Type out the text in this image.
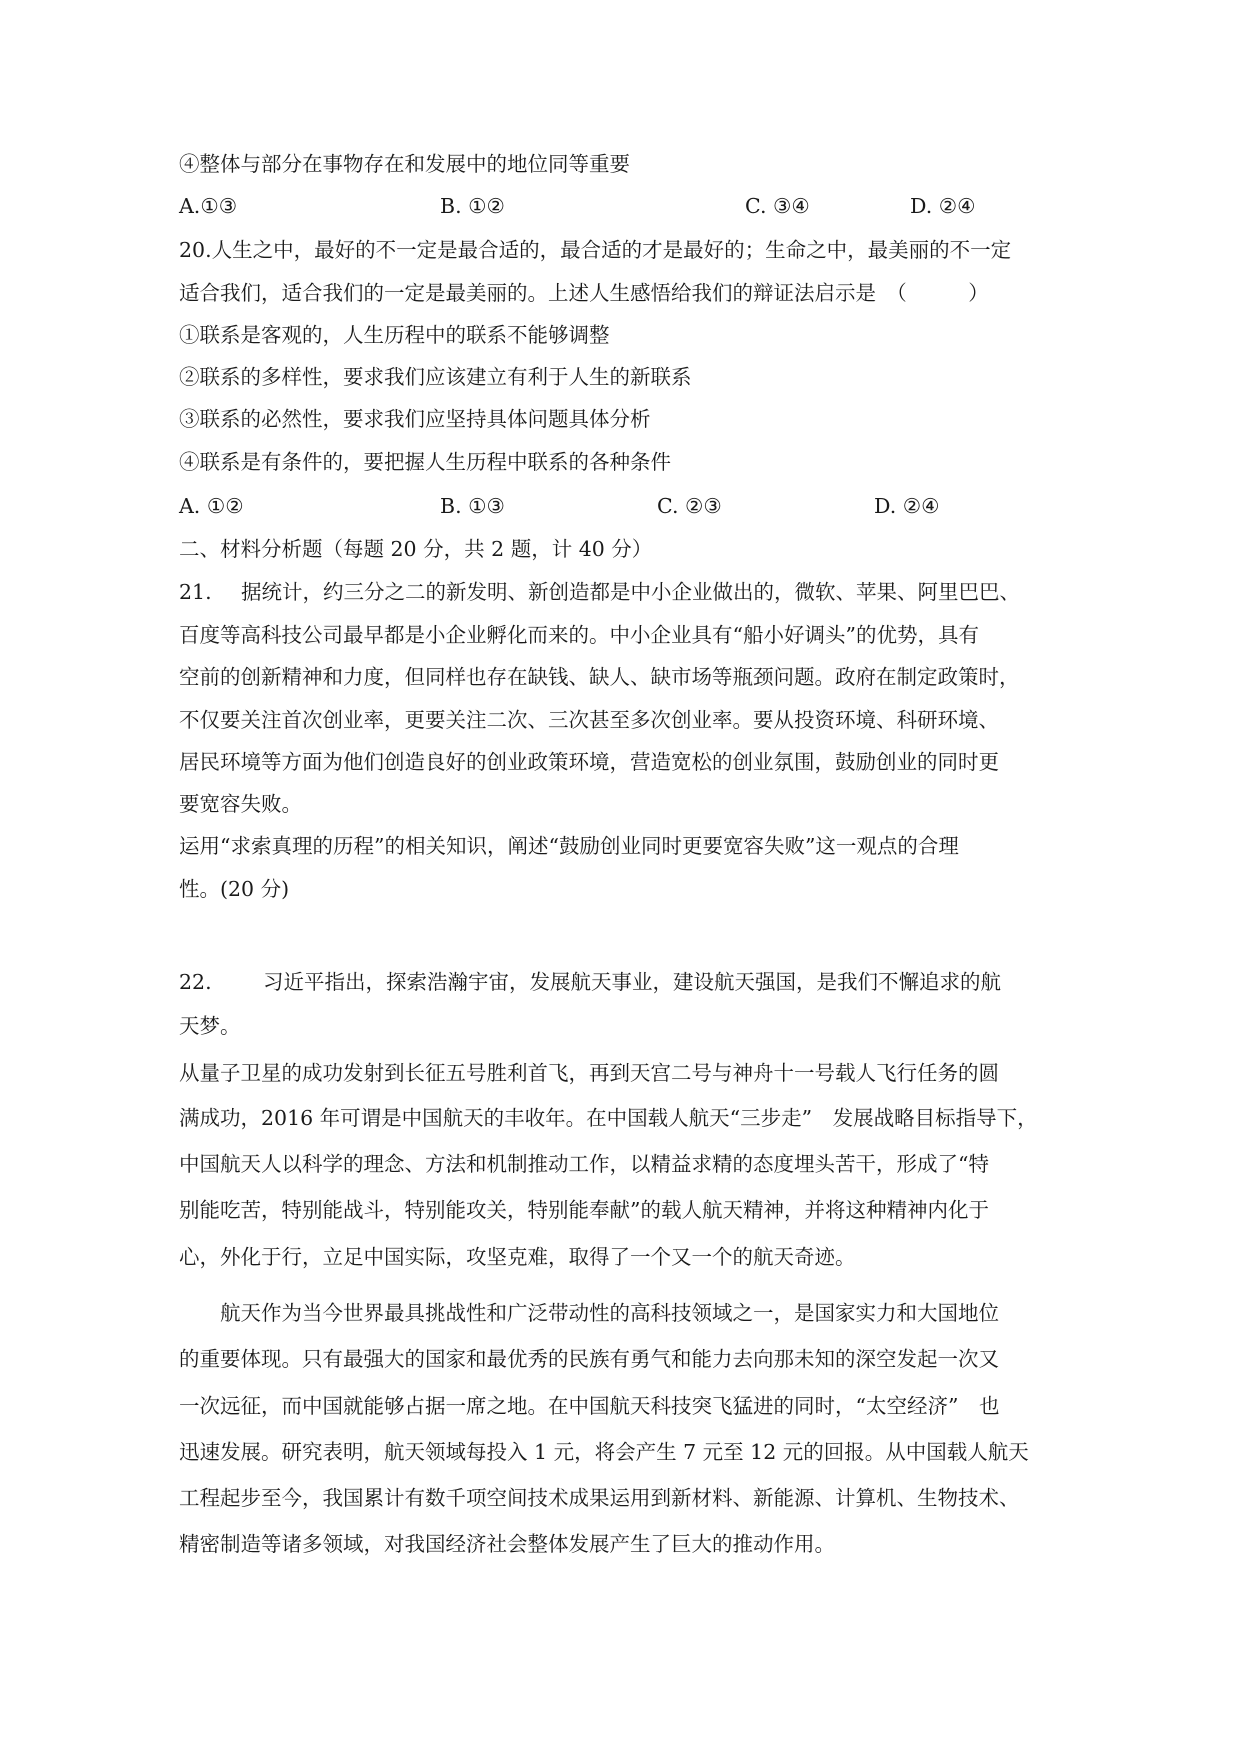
④整体与部分在事物存在和发展中的地位同等重要
A.①③	B. ①②	C. ③④	D. ②④
20.人生之中，最好的不一定是最合适的，最合适的才是最好的；生命之中，最美丽的不一定
适合我们，适合我们的一定是最美丽的。上述人生感悟给我们的辩证法启示是　（　　　）
①联系是客观的，人生历程中的联系不能够调整
②联系的多样性，要求我们应该建立有利于人生的新联系
③联系的必然性，要求我们应坚持具体问题具体分析
④联系是有条件的，要把握人生历程中联系的各种条件
A. ①②	B. ①③	C. ②③	D. ②④
二、材料分析题（每题 20 分，共 2 题，计 40 分）
21. 据统计，约三分之二的新发明、新创造都是中小企业做出的，微软、苹果、阿里巴巴、
百度等高科技公司最早都是小企业孵化而来的。中小企业具有“船小好调头”的优势，具有
空前的创新精神和力度，但同样也存在缺钱、缺人、缺市场等瓶颈问题。政府在制定政策时，
不仅要关注首次创业率，更要关注二次、三次甚至多次创业率。要从投资环境、科研环境、
居民环境等方面为他们创造良好的创业政策环境，营造宽松的创业氛围，鼓励创业的同时更
要宽容失败。
运用“求索真理的历程”的相关知识，阐述“鼓励创业同时更要宽容失败”这一观点的合理
性。(20 分)
22.	习近平指出，探索浩瀚宇宙，发展航天事业，建设航天强国，是我们不懈追求的航
天梦。
从量子卫星的成功发射到长征五号胜利首飞，再到天宫二号与神舟十一号载人飞行任务的圆
满成功，2016 年可谓是中国航天的丰收年。在中国载人航天“三步走”　发展战略目标指导下，
中国航天人以科学的理念、方法和机制推动工作，以精益求精的态度埋头苦干，形成了“特
别能吃苦，特别能战斗，特别能攻关，特别能奉献”的载人航天精神，并将这种精神内化于
心，外化于行，立足中国实际，攻坚克难，取得了一个又一个的航天奇迹。
　　航天作为当今世界最具挑战性和广泛带动性的高科技领域之一，是国家实力和大国地位
的重要体现。只有最强大的国家和最优秀的民族有勇气和能力去向那未知的深空发起一次又
一次远征，而中国就能够占据一席之地。在中国航天科技突飞猛进的同时，“太空经济”　也
迅速发展。研究表明，航天领域每投入 1 元，将会产生 7 元至 12 元的回报。从中国载人航天
工程起步至今，我国累计有数千项空间技术成果运用到新材料、新能源、计算机、生物技术、
精密制造等诸多领域，对我国经济社会整体发展产生了巨大的推动作用。
